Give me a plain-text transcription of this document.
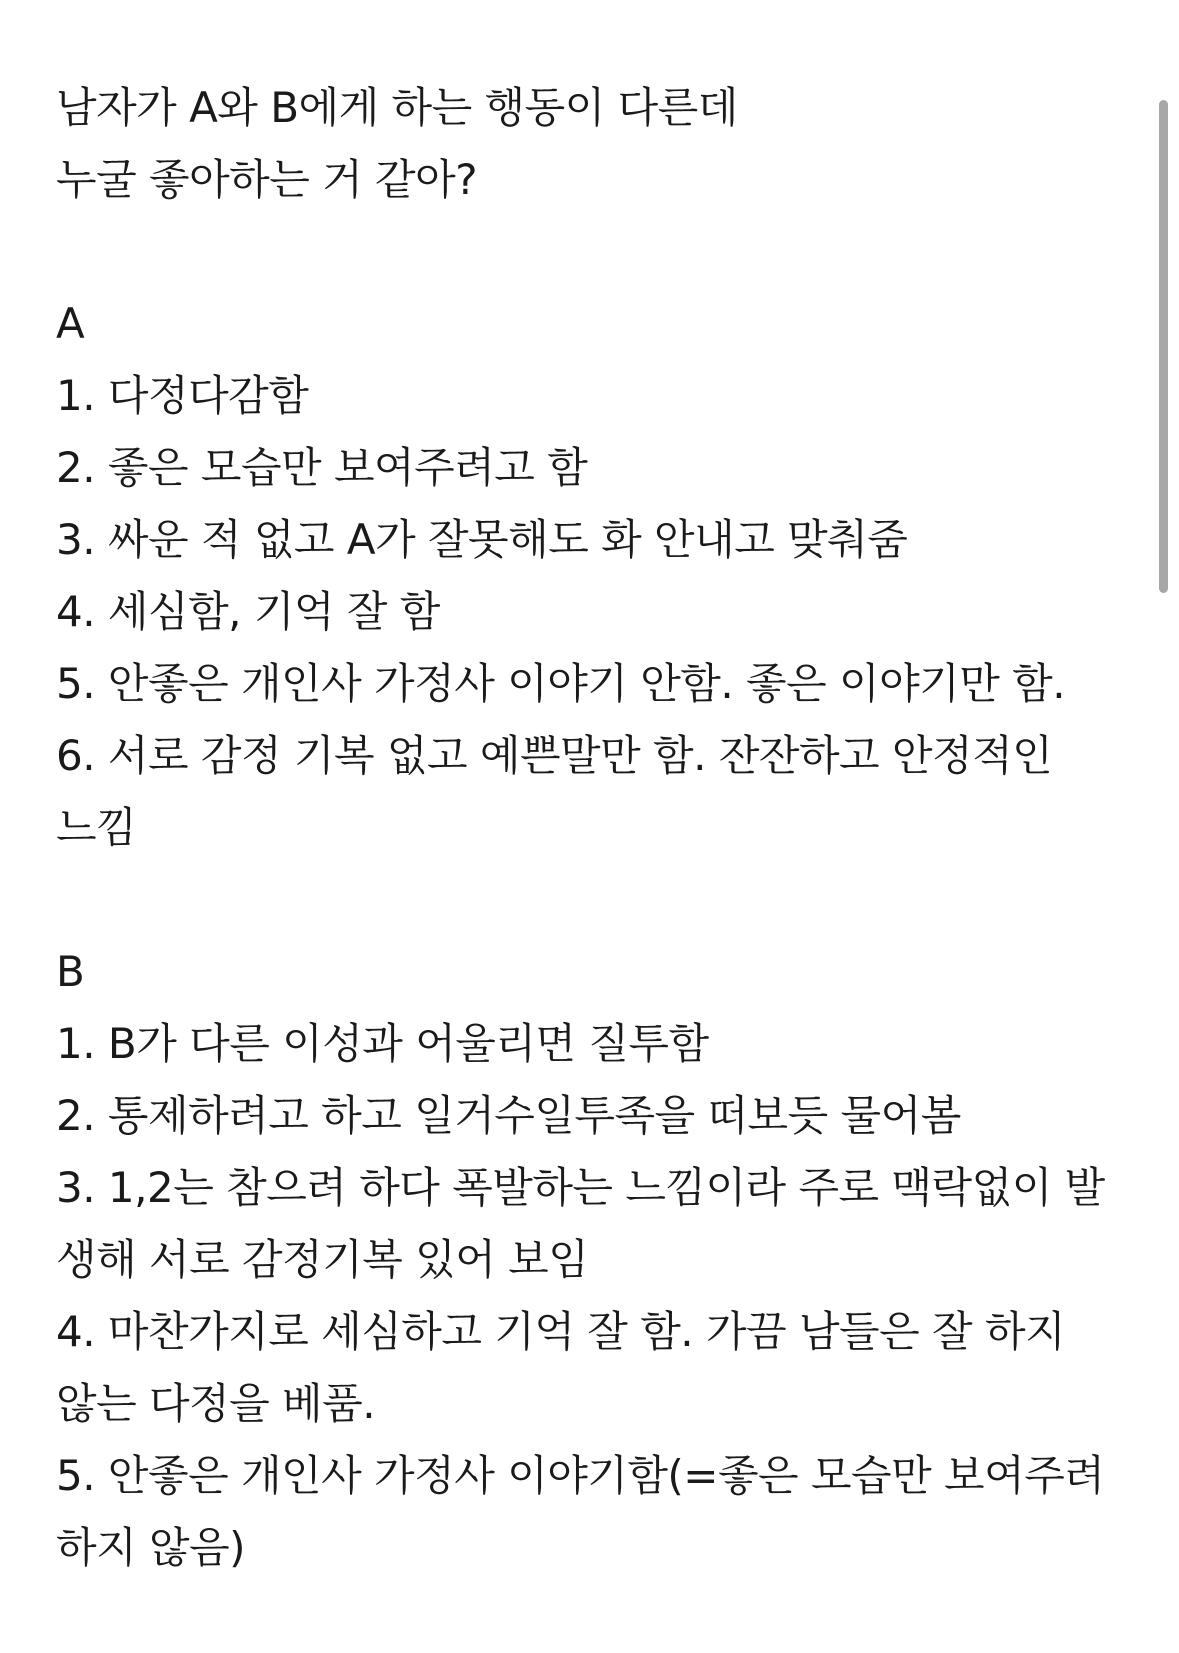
남자가 A와 B에게 하는 행동이 다른데
누굴 좋아하는 거 같아?
A
1. 다정다감함
2. 좋은 모습만 보여주려고 함
3. 싸운 적 없고 A가 잘못해도 화 안내고 맞춰줌
4. 세심함, 기억 잘 함
5. 안좋은 개인사 가정사 이야기 안함. 좋은 이야기만 함.
6. 서로 감정 기복 없고 예쁜말만 함. 잔잔하고 안정적인
느낌
B
1. B가 다른 이성과 어울리면 질투함
2. 통제하려고 하고 일거수일투족을 떠보듯 물어봄
3. 1,2는 참으려 하다 폭발하는 느낌이라 주로 맥락없이 발
생해 서로 감정기복 있어 보임
4. 마찬가지로 세심하고 기억 잘 함. 가끔 남들은 잘 하지
않는 다정을 베품.
5. 안좋은 개인사 가정사 이야기함(=좋은 모습만 보여주려
하지 않음)
